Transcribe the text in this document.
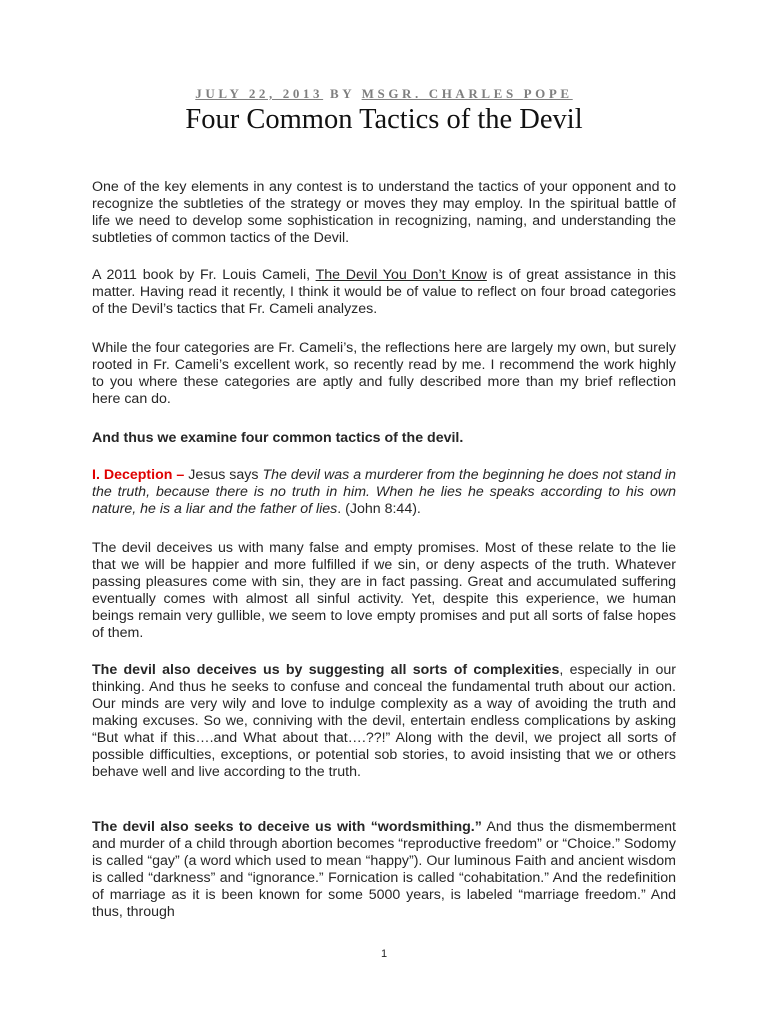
JULY 22, 2013 BY MSGR. CHARLES POPE
Four Common Tactics of the Devil

One of the key elements in any contest is to understand the tactics of your opponent and to recognize the subtleties of the strategy or moves they may employ. In the spiritual battle of life we need to develop some sophistication in recognizing, naming, and understanding the subtleties of common tactics of the Devil.

A 2011 book by Fr. Louis Cameli, The Devil You Don’t Know is of great assistance in this matter. Having read it recently, I think it would be of value to reflect on four broad categories of the Devil’s tactics that Fr. Cameli analyzes.

While the four categories are Fr. Cameli’s, the reflections here are largely my own, but surely rooted in Fr. Cameli’s excellent work, so recently read by me. I recommend the work highly to you where these categories are aptly and fully described more than my brief reflection here can do.

And thus we examine four common tactics of the devil.

I. Deception – Jesus says The devil was a murderer from the beginning he does not stand in the truth, because there is no truth in him. When he lies he speaks according to his own nature, he is a liar and the father of lies. (John 8:44).

The devil deceives us with many false and empty promises. Most of these relate to the lie that we will be happier and more fulfilled if we sin, or deny aspects of the truth. Whatever passing pleasures come with sin, they are in fact passing. Great and accumulated suffering eventually comes with almost all sinful activity. Yet, despite this experience, we human beings remain very gullible, we seem to love empty promises and put all sorts of false hopes of them.

The devil also deceives us by suggesting all sorts of complexities, especially in our thinking. And thus he seeks to confuse and conceal the fundamental truth about our action. Our minds are very wily and love to indulge complexity as a way of avoiding the truth and making excuses. So we, conniving with the devil, entertain endless complications by asking “But what if this….and What about that….??!” Along with the devil, we project all sorts of possible difficulties, exceptions, or potential sob stories, to avoid insisting that we or others behave well and live according to the truth.

The devil also seeks to deceive us with “wordsmithing.” And thus the dismemberment and murder of a child through abortion becomes “reproductive freedom” or “Choice.” Sodomy is called “gay” (a word which used to mean “happy”). Our luminous Faith and ancient wisdom is called “darkness” and “ignorance.” Fornication is called “cohabitation.” And the redefinition of marriage as it is been known for some 5000 years, is labeled “marriage freedom.” And thus, through

1
